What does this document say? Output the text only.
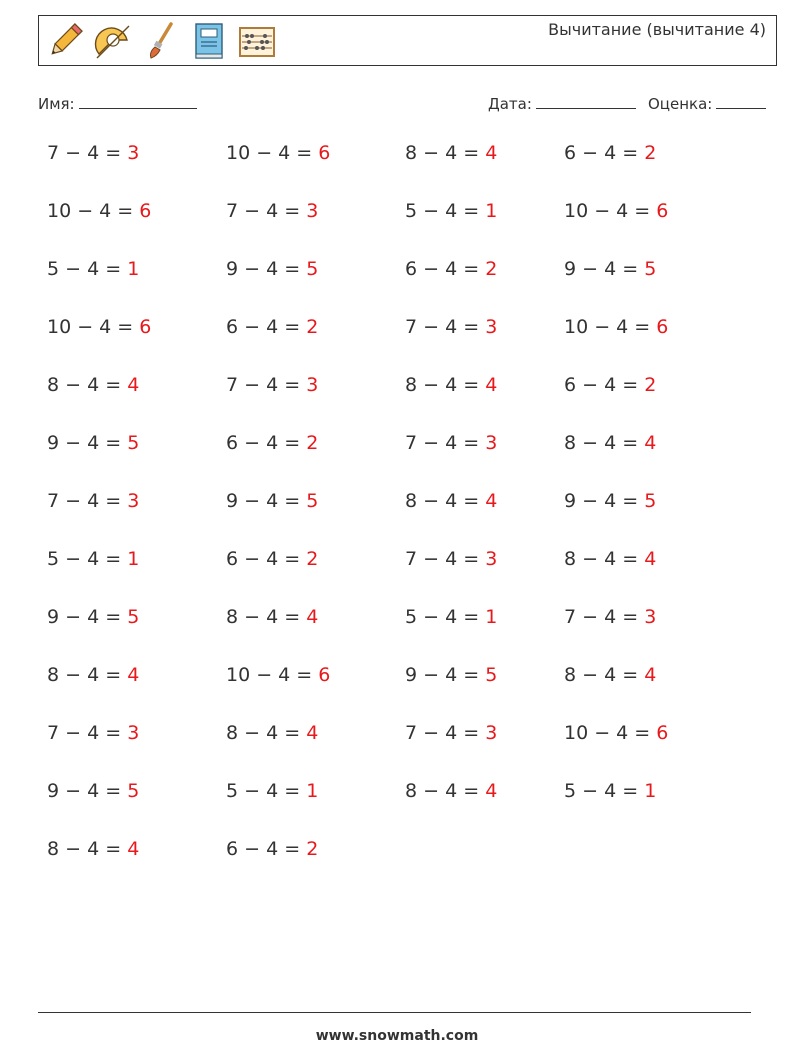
Вычитание (вычитание 4)
Имя:	Дата:	Оценка:
7 − 4 = 3	10 − 4 = 6	8 − 4 = 4	6 − 4 = 2
10 − 4 = 6	7 − 4 = 3	5 − 4 = 1	10 − 4 = 6
5 − 4 = 1	9 − 4 = 5	6 − 4 = 2	9 − 4 = 5
10 − 4 = 6	6 − 4 = 2	7 − 4 = 3	10 − 4 = 6
8 − 4 = 4	7 − 4 = 3	8 − 4 = 4	6 − 4 = 2
9 − 4 = 5	6 − 4 = 2	7 − 4 = 3	8 − 4 = 4
7 − 4 = 3	9 − 4 = 5	8 − 4 = 4	9 − 4 = 5
5 − 4 = 1	6 − 4 = 2	7 − 4 = 3	8 − 4 = 4
9 − 4 = 5	8 − 4 = 4	5 − 4 = 1	7 − 4 = 3
8 − 4 = 4	10 − 4 = 6	9 − 4 = 5	8 − 4 = 4
7 − 4 = 3	8 − 4 = 4	7 − 4 = 3	10 − 4 = 6
9 − 4 = 5	5 − 4 = 1	8 − 4 = 4	5 − 4 = 1
8 − 4 = 4	6 − 4 = 2
www.snowmath.com
